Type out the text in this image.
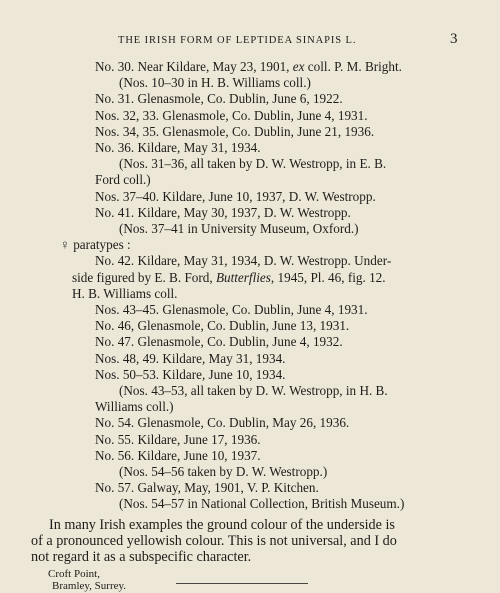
THE IRISH FORM OF LEPTIDEA SINAPIS L.	3
No. 30. Near Kildare, May 23, 1901, ex coll. P. M. Bright.
(Nos. 10–30 in H. B. Williams coll.)
No. 31. Glenasmole, Co. Dublin, June 6, 1922.
Nos. 32, 33. Glenasmole, Co. Dublin, June 4, 1931.
Nos. 34, 35. Glenasmole, Co. Dublin, June 21, 1936.
No. 36. Kildare, May 31, 1934.
(Nos. 31–36, all taken by D. W. Westropp, in E. B.
Ford coll.)
Nos. 37–40. Kildare, June 10, 1937, D. W. Westropp.
No. 41. Kildare, May 30, 1937, D. W. Westropp.
(Nos. 37–41 in University Museum, Oxford.)
♀ paratypes :
No. 42. Kildare, May 31, 1934, D. W. Westropp. Under-
side figured by E. B. Ford, Butterflies, 1945, Pl. 46, fig. 12.
H. B. Williams coll.
Nos. 43–45. Glenasmole, Co. Dublin, June 4, 1931.
No. 46, Glenasmole, Co. Dublin, June 13, 1931.
No. 47. Glenasmole, Co. Dublin, June 4, 1932.
Nos. 48, 49. Kildare, May 31, 1934.
Nos. 50–53. Kildare, June 10, 1934.
(Nos. 43–53, all taken by D. W. Westropp, in H. B.
Williams coll.)
No. 54. Glenasmole, Co. Dublin, May 26, 1936.
No. 55. Kildare, June 17, 1936.
No. 56. Kildare, June 10, 1937.
(Nos. 54–56 taken by D. W. Westropp.)
No. 57. Galway, May, 1901, V. P. Kitchen.
(Nos. 54–57 in National Collection, British Museum.)
In many Irish examples the ground colour of the underside is
of a pronounced yellowish colour. This is not universal, and I do
not regard it as a subspecific character.
Croft Point,
Bramley, Surrey.
